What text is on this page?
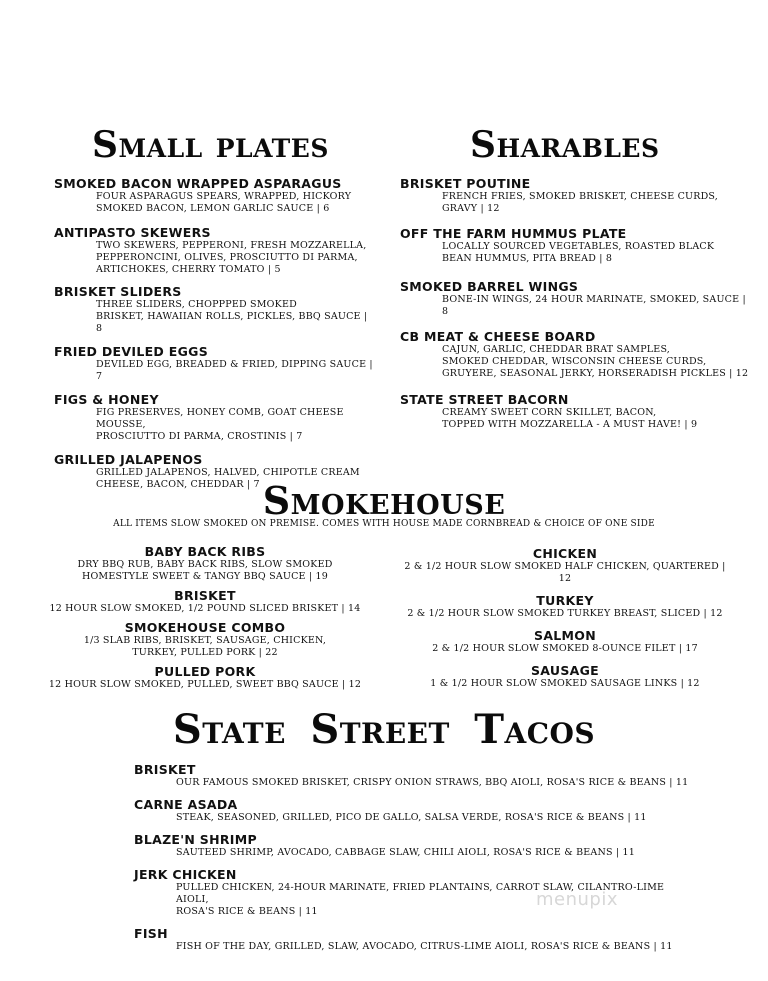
Small plates	Sharables
SMOKED BACON WRAPPED ASPARAGUS
FOUR ASPARAGUS SPEARS, WRAPPED, HICKORY
SMOKED BACON, LEMON GARLIC SAUCE | 6
ANTIPASTO SKEWERS
TWO SKEWERS, PEPPERONI, FRESH MOZZARELLA,
PEPPERONCINI, OLIVES, PROSCIUTTO DI PARMA,
ARTICHOKES, CHERRY TOMATO | 5
BRISKET SLIDERS
THREE SLIDERS, CHOPPPED SMOKED
BRISKET, HAWAIIAN ROLLS, PICKLES, BBQ SAUCE | 8
FRIED DEVILED EGGS
DEVILED EGG, BREADED & FRIED, DIPPING SAUCE | 7
FIGS & HONEY
FIG PRESERVES, HONEY COMB, GOAT CHEESE MOUSSE,
PROSCIUTTO DI PARMA, CROSTINIS | 7
GRILLED JALAPENOS
GRILLED JALAPENOS, HALVED, CHIPOTLE CREAM
CHEESE, BACON, CHEDDAR | 7
BRISKET POUTINE
FRENCH FRIES, SMOKED BRISKET, CHEESE CURDS,
GRAVY | 12
OFF THE FARM HUMMUS PLATE
LOCALLY SOURCED VEGETABLES, ROASTED BLACK
BEAN HUMMUS, PITA BREAD | 8
SMOKED BARREL WINGS
BONE-IN WINGS, 24 HOUR MARINATE, SMOKED, SAUCE | 8
CB MEAT & CHEESE BOARD
CAJUN, GARLIC, CHEDDAR BRAT SAMPLES,
SMOKED CHEDDAR, WISCONSIN CHEESE CURDS,
GRUYERE, SEASONAL JERKY, HORSERADISH PICKLES | 12
STATE STREET BACORN
CREAMY SWEET CORN SKILLET, BACON,
TOPPED WITH MOZZARELLA - A MUST HAVE! | 9
Smokehouse
ALL ITEMS SLOW SMOKED ON PREMISE. COMES WITH HOUSE MADE CORNBREAD & CHOICE OF ONE SIDE
BABY BACK RIBS
DRY BBQ RUB, BABY BACK RIBS, SLOW SMOKED
HOMESTYLE SWEET & TANGY BBQ SAUCE | 19
BRISKET
12 HOUR SLOW SMOKED, 1/2 POUND SLICED BRISKET | 14
SMOKEHOUSE COMBO
1/3 SLAB RIBS, BRISKET, SAUSAGE, CHICKEN,
TURKEY, PULLED PORK | 22
PULLED PORK
12 HOUR SLOW SMOKED, PULLED, SWEET BBQ SAUCE | 12
CHICKEN
2 & 1/2 HOUR SLOW SMOKED HALF CHICKEN, QUARTERED | 12
TURKEY
2 & 1/2 HOUR SLOW SMOKED TURKEY BREAST, SLICED | 12
SALMON
2 & 1/2 HOUR SLOW SMOKED 8-OUNCE FILET | 17
SAUSAGE
1 & 1/2 HOUR SLOW SMOKED SAUSAGE LINKS | 12
State Street Tacos
BRISKET
OUR FAMOUS SMOKED BRISKET, CRISPY ONION STRAWS, BBQ AIOLI, ROSA'S RICE & BEANS | 11
CARNE ASADA
STEAK, SEASONED, GRILLED, PICO DE GALLO, SALSA VERDE, ROSA'S RICE & BEANS | 11
BLAZE'N SHRIMP
SAUTEED SHRIMP, AVOCADO, CABBAGE SLAW, CHILI AIOLI, ROSA'S RICE & BEANS | 11
JERK CHICKEN
PULLED CHICKEN, 24-HOUR MARINATE, FRIED PLANTAINS, CARROT SLAW, CILANTRO-LIME AIOLI,
ROSA'S RICE & BEANS | 11
FISH
FISH OF THE DAY, GRILLED, SLAW, AVOCADO, CITRUS-LIME AIOLI, ROSA'S RICE & BEANS | 11
menupix
